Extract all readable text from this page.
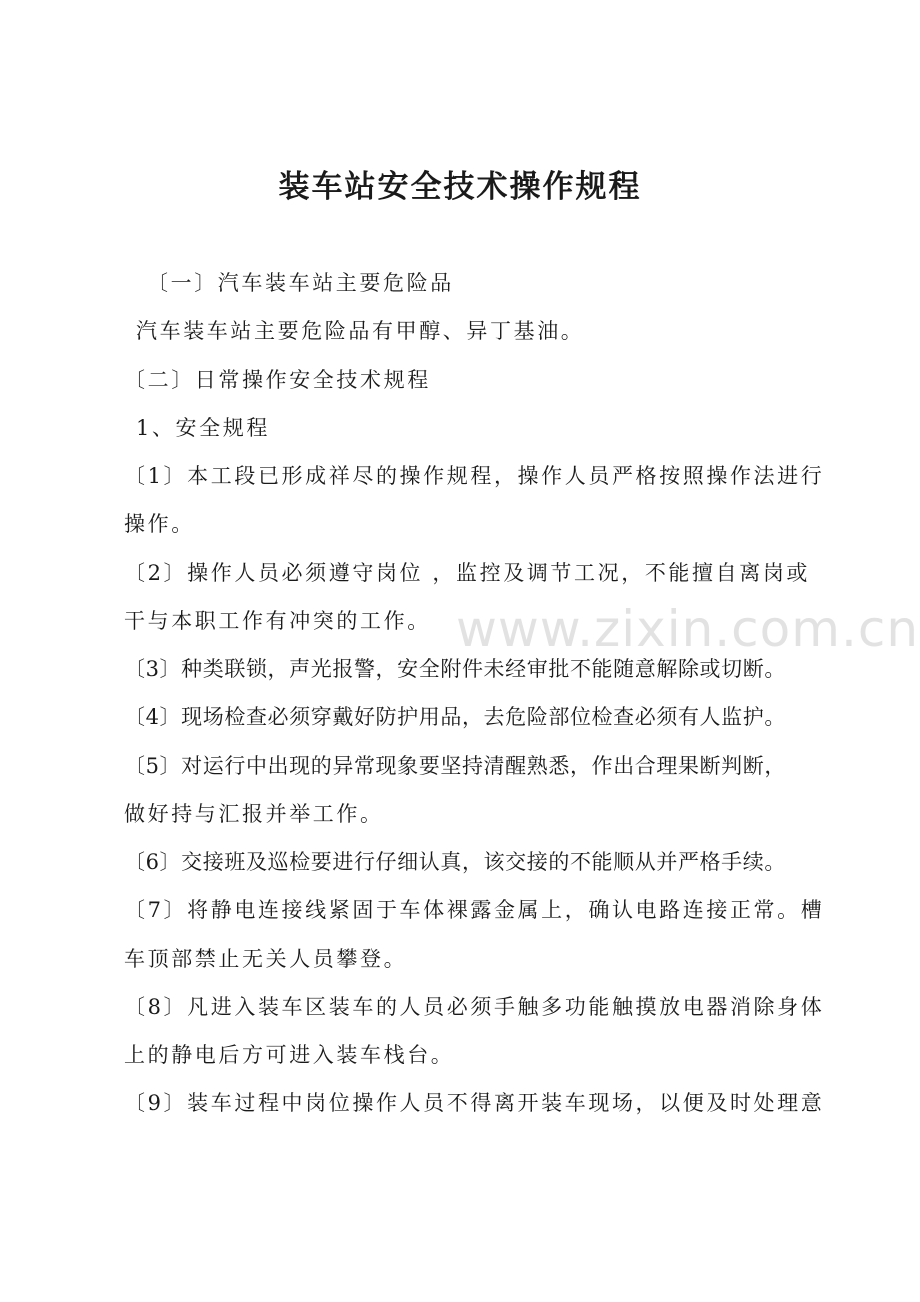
装车站安全技术操作规程

〔一〕汽车装车站主要危险品

汽车装车站主要危险品有甲醇、异丁基油。

〔二〕日常操作安全技术规程

1、安全规程

〔1〕本工段已形成祥尽的操作规程，操作人员严格按照操作法进行

操作。

〔2〕操作人员必须遵守岗位 ，监控及调节工况，不能擅自离岗或

干与本职工作有冲突的工作。

〔3〕种类联锁，声光报警，安全附件未经审批不能随意解除或切断。

〔4〕现场检查必须穿戴好防护用品，去危险部位检查必须有人监护。

〔5〕对运行中出现的异常现象要坚持清醒熟悉，作出合理果断判断，

做好持与汇报并举工作。

〔6〕交接班及巡检要进行仔细认真，该交接的不能顺从并严格手续。

〔7〕将静电连接线紧固于车体裸露金属上，确认电路连接正常。槽

车顶部禁止无关人员攀登。

〔8〕凡进入装车区装车的人员必须手触多功能触摸放电器消除身体

上的静电后方可进入装车栈台。

〔9〕装车过程中岗位操作人员不得离开装车现场，以便及时处理意

www.zixin.com.cn
